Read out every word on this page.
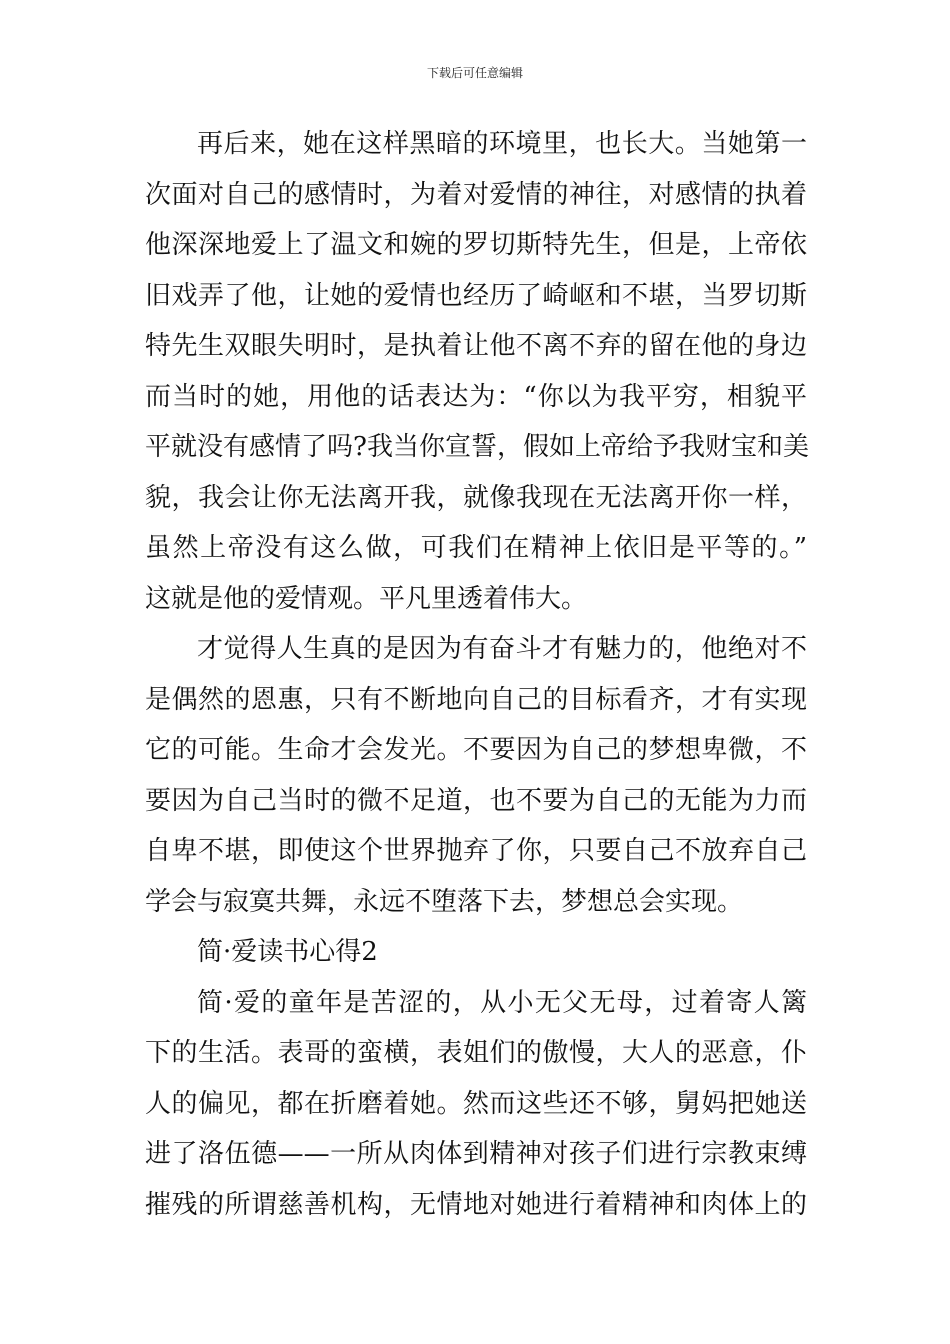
下载后可任意编辑
再后来，她在这样黑暗的环境里，也长大。当她第一
次面对自己的感情时，为着对爱情的神往，对感情的执着
他深深地爱上了温文和婉的罗切斯特先生，但是，上帝依
旧戏弄了他，让她的爱情也经历了崎岖和不堪，当罗切斯
特先生双眼失明时，是执着让他不离不弃的留在他的身边
而当时的她，用他的话表达为：“你以为我平穷，相貌平
平就没有感情了吗?我当你宣誓，假如上帝给予我财宝和美
貌，我会让你无法离开我，就像我现在无法离开你一样，
虽然上帝没有这么做，可我们在精神上依旧是平等的。”
这就是他的爱情观。平凡里透着伟大。
才觉得人生真的是因为有奋斗才有魅力的，他绝对不
是偶然的恩惠，只有不断地向自己的目标看齐，才有实现
它的可能。生命才会发光。不要因为自己的梦想卑微，不
要因为自己当时的微不足道，也不要为自己的无能为力而
自卑不堪，即使这个世界抛弃了你，只要自己不放弃自己
学会与寂寞共舞，永远不堕落下去，梦想总会实现。
简·爱读书心得2
简·爱的童年是苦涩的，从小无父无母，过着寄人篱
下的生活。表哥的蛮横，表姐们的傲慢，大人的恶意，仆
人的偏见，都在折磨着她。然而这些还不够，舅妈把她送
进了洛伍德——一所从肉体到精神对孩子们进行宗教束缚
摧残的所谓慈善机构，无情地对她进行着精神和肉体上的
